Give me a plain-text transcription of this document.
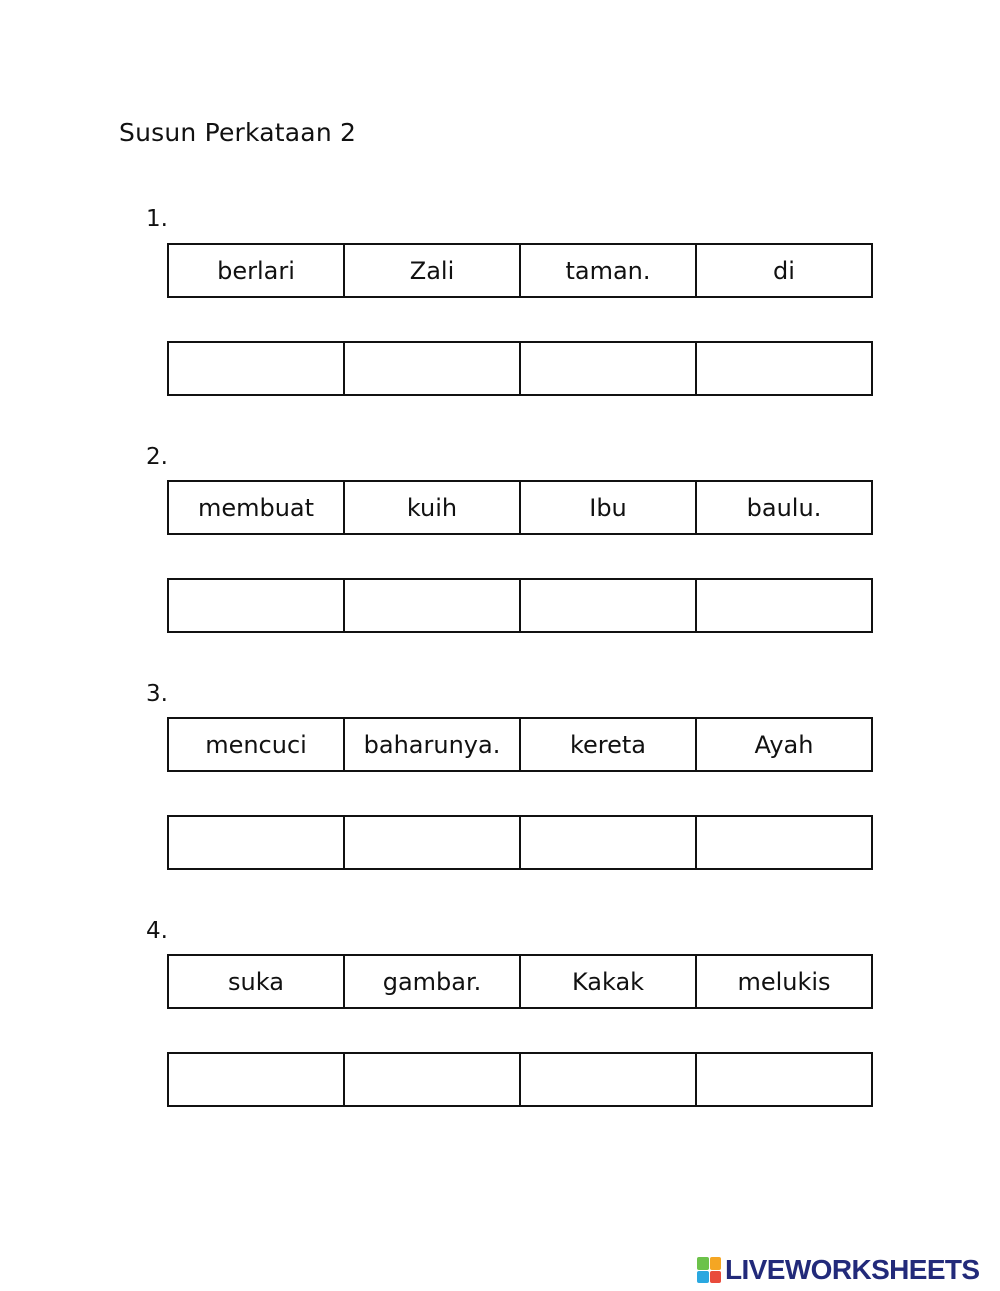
Susun Perkataan 2
1.
berlari	Zali	taman.	di
2.
membuat	kuih	Ibu	baulu.
3.
mencuci	baharunya.	kereta	Ayah
4.
suka	gambar.	Kakak	melukis
LIVEWORKSHEETS
